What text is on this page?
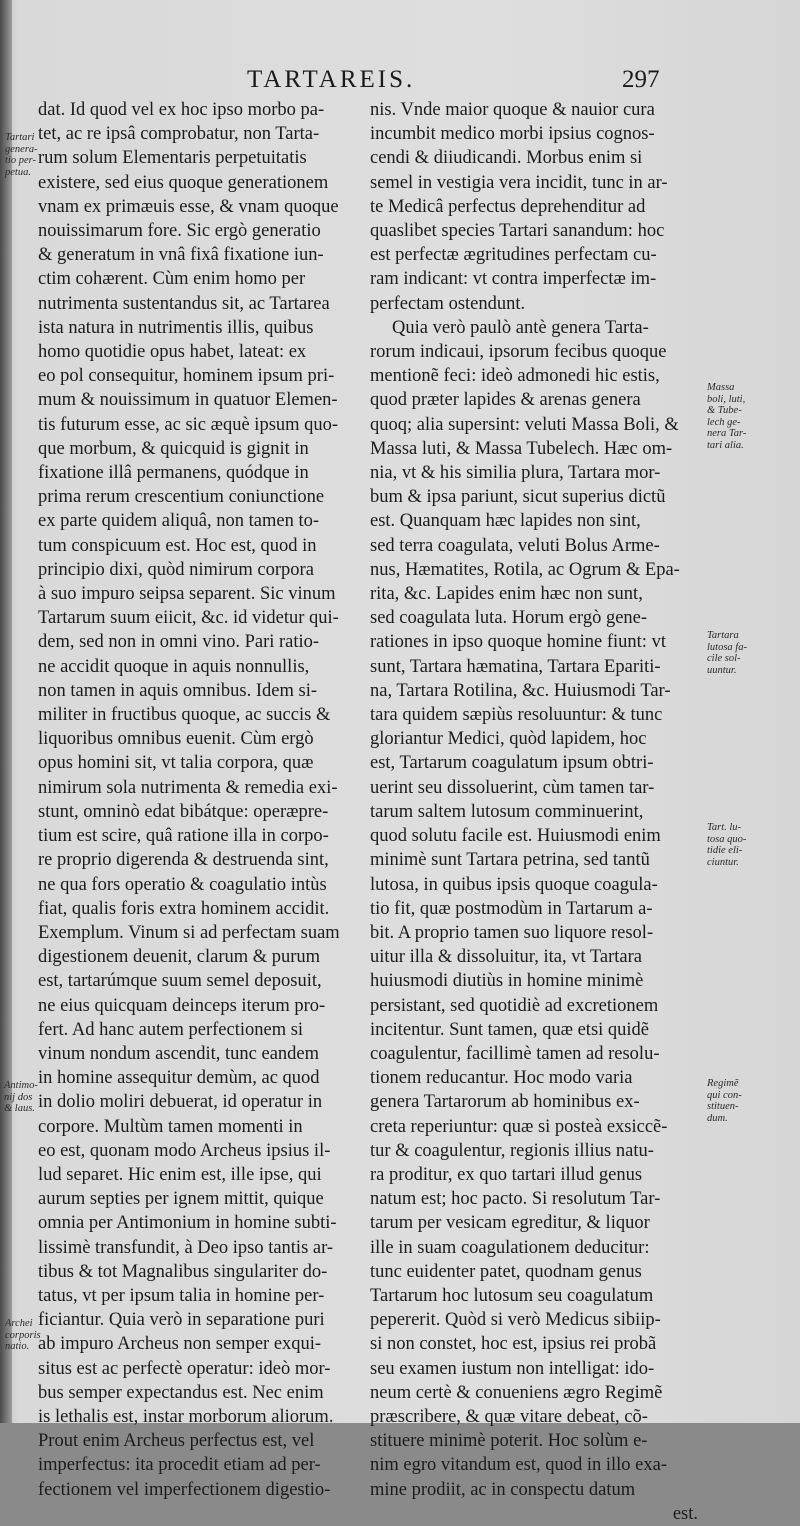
TARTAREIS.	297
dat. Id quod vel ex hoc ipso morbo pa-
tet, ac re ipsâ comprobatur, non Tarta-
rum solum Elementaris perpetuitatis
existere, sed eius quoque generationem
vnam ex primæuis esse, & vnam quoque
nouissimarum fore. Sic ergò generatio
& generatum in vnâ fixâ fixatione iun-
ctim cohærent. Cùm enim homo per
nutrimenta sustentandus sit, ac Tartarea
ista natura in nutrimentis illis, quibus
homo quotidie opus habet, lateat: ex
eo pol consequitur, hominem ipsum pri-
mum & nouissimum in quatuor Elemen-
tis futurum esse, ac sic æquè ipsum quo-
que morbum, & quicquid is gignit in
fixatione illâ permanens, quódque in
prima rerum crescentium coniunctione
ex parte quidem aliquâ, non tamen to-
tum conspicuum est. Hoc est, quod in
principio dixi, quòd nimirum corpora
à suo impuro seipsa separent. Sic vinum
Tartarum suum eiicit, &c. id videtur qui-
dem, sed non in omni vino. Pari ratio-
ne accidit quoque in aquis nonnullis,
non tamen in aquis omnibus. Idem si-
militer in fructibus quoque, ac succis &
liquoribus omnibus euenit. Cùm ergò
opus homini sit, vt talia corpora, quæ
nimirum sola nutrimenta & remedia exi-
stunt, omninò edat bibátque: operæpre-
tium est scire, quâ ratione illa in corpo-
re proprio digerenda & destruenda sint,
ne qua fors operatio & coagulatio intùs
fiat, qualis foris extra hominem accidit.
Exemplum. Vinum si ad perfectam suam
digestionem deuenit, clarum & purum
est, tartarúmque suum semel deposuit,
ne eius quicquam deinceps iterum pro-
fert. Ad hanc autem perfectionem si
vinum nondum ascendit, tunc eandem
in homine assequitur demùm, ac quod
in dolio moliri debuerat, id operatur in
corpore. Multùm tamen momenti in
eo est, quonam modo Archeus ipsius il-
lud separet. Hic enim est, ille ipse, qui
aurum septies per ignem mittit, quique
omnia per Antimonium in homine subti-
lissimè transfundit, à Deo ipso tantis ar-
tibus & tot Magnalibus singulariter do-
tatus, vt per ipsum talia in homine per-
ficiantur. Quia verò in separatione puri
ab impuro Archeus non semper exqui-
situs est ac perfectè operatur: ideò mor-
bus semper expectandus est. Nec enim
is lethalis est, instar morborum aliorum.
Prout enim Archeus perfectus est, vel
imperfectus: ita procedit etiam ad per-
fectionem vel imperfectionem digestio-
nis. Vnde maior quoque & nauior cura
incumbit medico morbi ipsius cognos-
cendi & diiudicandi. Morbus enim si
semel in vestigia vera incidit, tunc in ar-
te Medicâ perfectus deprehenditur ad
quaslibet species Tartari sanandum: hoc
est perfectæ ægritudines perfectam cu-
ram indicant: vt contra imperfectæ im-
perfectam ostendunt.
Quia verò paulò antè genera Tarta-
rorum indicaui, ipsorum fecibus quoque
mentionẽ feci: ideò admonedi hic estis,
quod præter lapides & arenas genera
quoq; alia supersint: veluti Massa Boli, &
Massa luti, & Massa Tubelech. Hæc om-
nia, vt & his similia plura, Tartara mor-
bum & ipsa pariunt, sicut superius dictũ
est. Quanquam hæc lapides non sint,
sed terra coagulata, veluti Bolus Arme-
nus, Hæmatites, Rotila, ac Ogrum & Epa-
rita, &c. Lapides enim hæc non sunt,
sed coagulata luta. Horum ergò gene-
rationes in ipso quoque homine fiunt: vt
sunt, Tartara hæmatina, Tartara Epariti-
na, Tartara Rotilina, &c. Huiusmodi Tar-
tara quidem sæpiùs resoluuntur: & tunc
gloriantur Medici, quòd lapidem, hoc
est, Tartarum coagulatum ipsum obtri-
uerint seu dissoluerint, cùm tamen tar-
tarum saltem lutosum comminuerint,
quod solutu facile est. Huiusmodi enim
minimè sunt Tartara petrina, sed tantũ
lutosa, in quibus ipsis quoque coagula-
tio fit, quæ postmodùm in Tartarum a-
bit. A proprio tamen suo liquore resol-
uitur illa & dissoluitur, ita, vt Tartara
huiusmodi diutiùs in homine minimè
persistant, sed quotidiè ad excretionem
incitentur. Sunt tamen, quæ etsi quidẽ
coagulentur, facillimè tamen ad resolu-
tionem reducantur. Hoc modo varia
genera Tartarorum ab hominibus ex-
creta reperiuntur: quæ si posteà exsiccẽ-
tur & coagulentur, regionis illius natu-
ra proditur, ex quo tartari illud genus
natum est; hoc pacto. Si resolutum Tar-
tarum per vesicam egreditur, & liquor
ille in suam coagulationem deducitur:
tunc euidenter patet, quodnam genus
Tartarum hoc lutosum seu coagulatum
pepererit. Quòd si verò Medicus sibiip-
si non constet, hoc est, ipsius rei probã
seu examen iustum non intelligat: ido-
neum certè & conueniens ægro Regimẽ
præscribere, & quæ vitare debeat, cõ-
stituere minimè poterit. Hoc solùm e-
nim egro vitandum est, quod in illo exa-
mine prodiit, ac in conspectu datum
est.
Tartari
genera-
tio per-
petua.
Antimo-
nij dos
& laus.
Archei
corporis
natio.
Massa
boli, luti,
& Tube-
lech ge-
nera Tar-
tari alia.
Tartara
lutosa fa-
cile sol-
uuntur.
Tart. lu-
tosa quo-
tidie eli-
ciuntur.
Regimẽ
qui con-
stituen-
dum.
